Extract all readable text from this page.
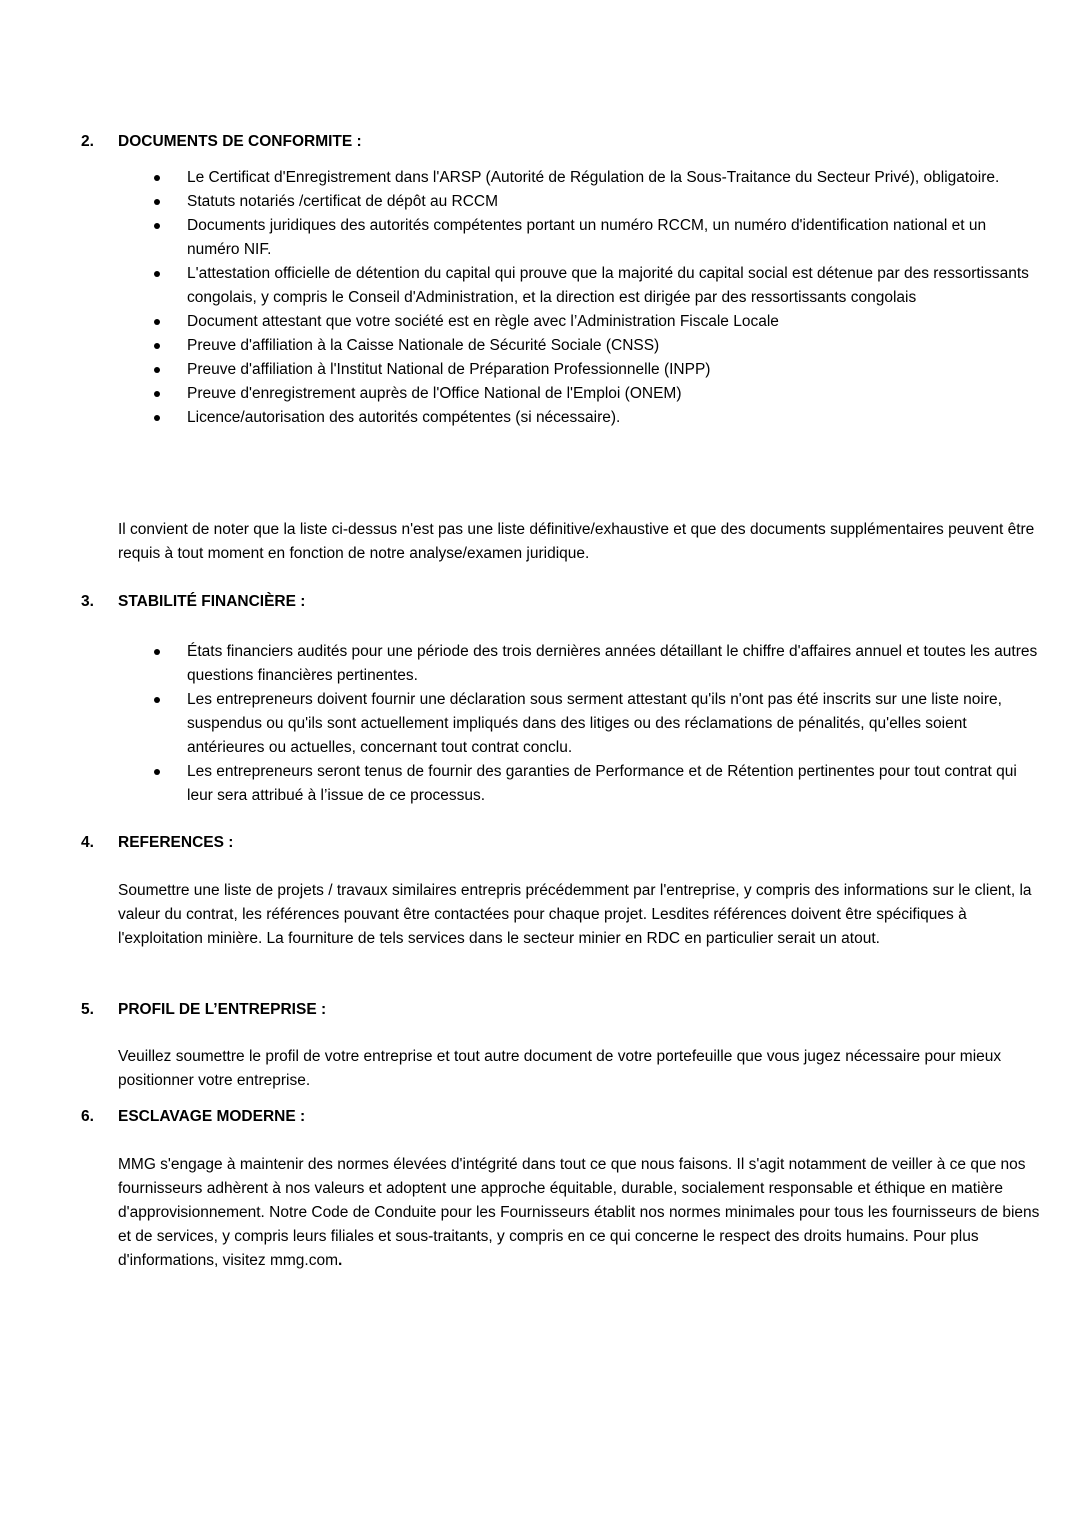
2. DOCUMENTS DE CONFORMITE :
Le Certificat d'Enregistrement dans l'ARSP (Autorité de Régulation de la Sous-Traitance du Secteur Privé), obligatoire.
Statuts notariés /certificat de dépôt au RCCM
Documents juridiques des autorités compétentes portant un numéro RCCM, un numéro d'identification national et un numéro NIF.
L'attestation officielle de détention du capital qui prouve que la majorité du capital social est détenue par des ressortissants congolais, y compris le Conseil d'Administration, et la direction est dirigée par des ressortissants congolais
Document attestant que votre société est en règle avec l’Administration Fiscale Locale
Preuve d'affiliation à la Caisse Nationale de Sécurité Sociale (CNSS)
Preuve d'affiliation à l'Institut National de Préparation Professionnelle (INPP)
Preuve d'enregistrement auprès de l'Office National de l'Emploi (ONEM)
Licence/autorisation des autorités compétentes (si nécessaire).

Il convient de noter que la liste ci-dessus n'est pas une liste définitive/exhaustive et que des documents supplémentaires peuvent être requis à tout moment en fonction de notre analyse/examen juridique.

3. STABILITÉ FINANCIÈRE :
États financiers audités pour une période des trois dernières années détaillant le chiffre d'affaires annuel et toutes les autres questions financières pertinentes.
Les entrepreneurs doivent fournir une déclaration sous serment attestant qu'ils n'ont pas été inscrits sur une liste noire, suspendus ou qu'ils sont actuellement impliqués dans des litiges ou des réclamations de pénalités, qu'elles soient antérieures ou actuelles, concernant tout contrat conclu.
Les entrepreneurs seront tenus de fournir des garanties de Performance et de Rétention pertinentes pour tout contrat qui leur sera attribué à l’issue de ce processus.
4. REFERENCES :

Soumettre une liste de projets / travaux similaires entrepris précédemment par l'entreprise, y compris des informations sur le client, la valeur du contrat, les références pouvant être contactées pour chaque projet. Lesdites références doivent être spécifiques à l'exploitation minière. La fourniture de tels services dans le secteur minier en RDC en particulier serait un atout.

5. PROFIL DE L’ENTREPRISE :

Veuillez soumettre le profil de votre entreprise et tout autre document de votre portefeuille que vous jugez nécessaire pour mieux positionner votre entreprise.

6. ESCLAVAGE MODERNE :

MMG s'engage à maintenir des normes élevées d'intégrité dans tout ce que nous faisons. Il s'agit notamment de veiller à ce que nos fournisseurs adhèrent à nos valeurs et adoptent une approche équitable, durable, socialement responsable et éthique en matière d'approvisionnement. Notre Code de Conduite pour les Fournisseurs établit nos normes minimales pour tous les fournisseurs de biens et de services, y compris leurs filiales et sous-traitants, y compris en ce qui concerne le respect des droits humains. Pour plus d'informations, visitez mmg.com.
